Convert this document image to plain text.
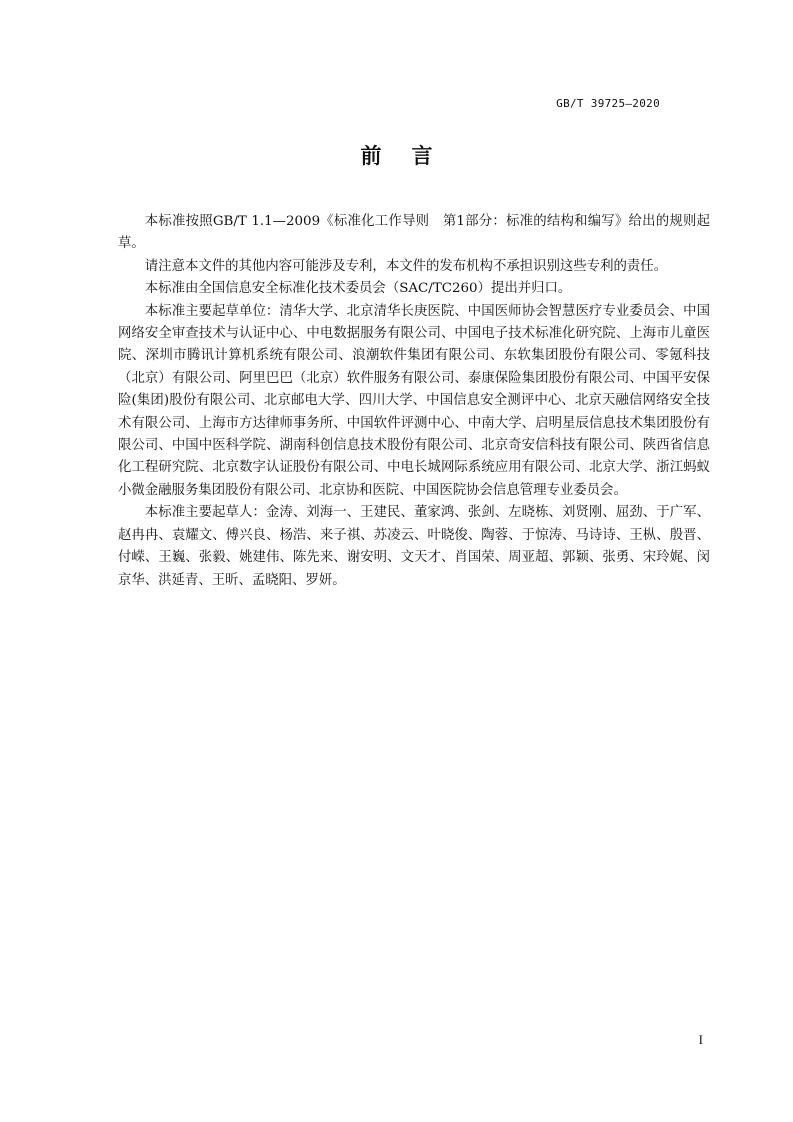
GB/T 39725—2020
前言

本标准按照GB/T 1.1—2009《标准化工作导则　第1部分：标准的结构和编写》给出的规则起草。

请注意本文件的其他内容可能涉及专利，本文件的发布机构不承担识别这些专利的责任。

本标准由全国信息安全标准化技术委员会（SAC/TC260）提出并归口。

本标准主要起草单位：清华大学、北京清华长庚医院、中国医师协会智慧医疗专业委员会、中国网络安全审查技术与认证中心、中电数据服务有限公司、中国电子技术标准化研究院、上海市儿童医院、深圳市腾讯计算机系统有限公司、浪潮软件集团有限公司、东软集团股份有限公司、零氪科技（北京）有限公司、阿里巴巴（北京）软件服务有限公司、泰康保险集团股份有限公司、中国平安保险(集团)股份有限公司、北京邮电大学、四川大学、中国信息安全测评中心、北京天融信网络安全技术有限公司、上海市方达律师事务所、中国软件评测中心、中南大学、启明星辰信息技术集团股份有限公司、中国中医科学院、湖南科创信息技术股份有限公司、北京奇安信科技有限公司、陕西省信息化工程研究院、北京数字认证股份有限公司、中电长城网际系统应用有限公司、北京大学、浙江蚂蚁小微金融服务集团股份有限公司、北京协和医院、中国医院协会信息管理专业委员会。

本标准主要起草人：金涛、刘海一、王建民、董家鸿、张剑、左晓栋、刘贤刚、屈劲、于广军、赵冉冉、袁耀文、傅兴良、杨浩、来子祺、苏凌云、叶晓俊、陶蓉、于惊涛、马诗诗、王枞、殷晋、付嵘、王巍、张毅、姚建伟、陈先来、谢安明、文天才、肖国荣、周亚超、郭颖、张勇、宋玲娓、闵京华、洪延青、王昕、孟晓阳、罗妍。

I
